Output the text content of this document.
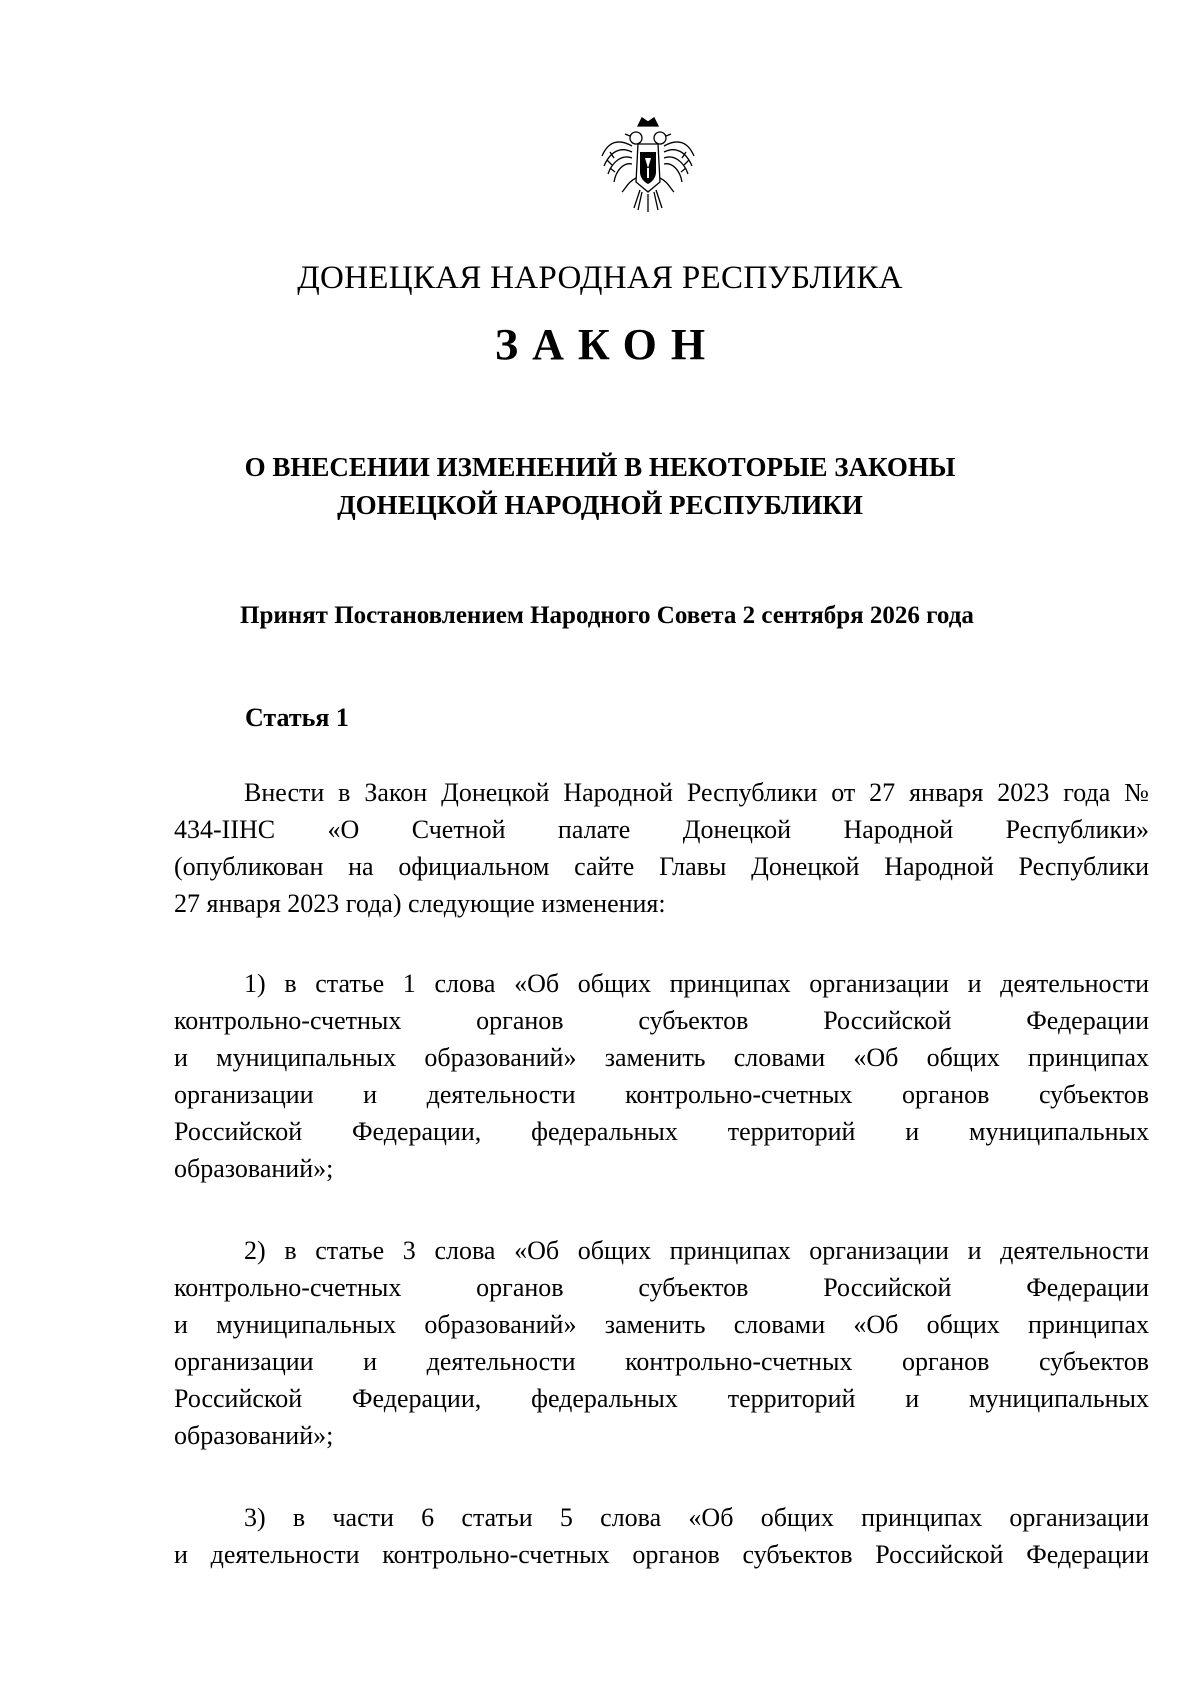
ДОНЕЦКАЯ НАРОДНАЯ РЕСПУБЛИКА
ЗАКОН
О ВНЕСЕНИИ ИЗМЕНЕНИЙ В НЕКОТОРЫЕ ЗАКОНЫ
ДОНЕЦКОЙ НАРОДНОЙ РЕСПУБЛИКИ
Принят Постановлением Народного Совета 2 сентября 2026 года
Статья 1
Внести в Закон Донецкой Народной Республики от 27 января 2023 года №
434-IIНС «О Счетной палате Донецкой Народной Республики»
(опубликован на официальном сайте Главы Донецкой Народной Республики
27 января 2023 года) следующие изменения:
1) в статье 1 слова «Об общих принципах организации и деятельности
контрольно-счетных органов субъектов Российской Федерации
и муниципальных образований» заменить словами «Об общих принципах
организации и деятельности контрольно-счетных органов субъектов
Российской Федерации, федеральных территорий и муниципальных
образований»;
2) в статье 3 слова «Об общих принципах организации и деятельности
контрольно-счетных органов субъектов Российской Федерации
и муниципальных образований» заменить словами «Об общих принципах
организации и деятельности контрольно-счетных органов субъектов
Российской Федерации, федеральных территорий и муниципальных
образований»;
3) в части 6 статьи 5 слова «Об общих принципах организации
и деятельности контрольно-счетных органов субъектов Российской Федерации
